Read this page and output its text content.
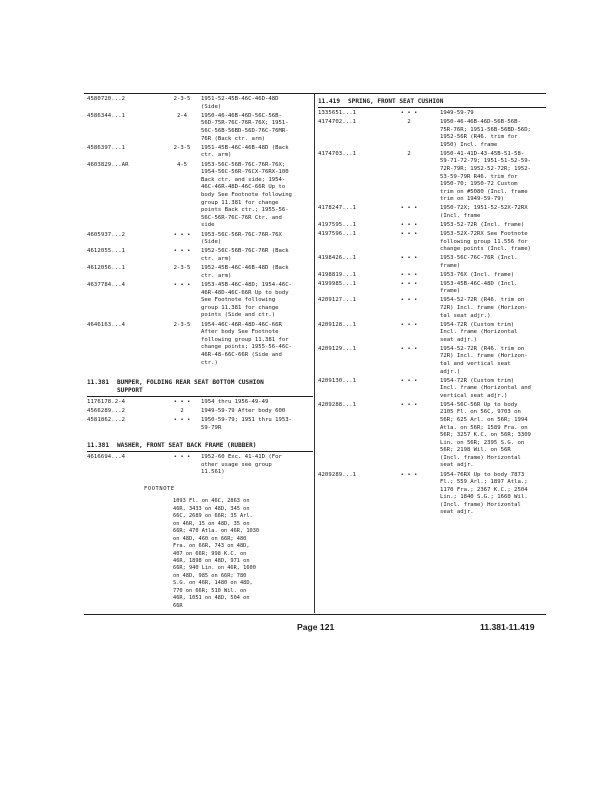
4580720...2	2-3-5 1951-52-45B-46C-46D-48D
(Side)
4586344...1	2-4	1950-46-46B-46D-56C-56B-
56D-75R-76C-76R-76X; 1951-
56C-56B-56BD-56D-76C-76MR-
76R (Back ctr. arm)
4586397...1	2-3-5 1951-45B-46C-46B-48D (Back
ctr. arm)
4603829...AR	4-5	1953-56C-56B-76C-76R-76X;
1954-56C-56R-76CX-76RX-100
Back ctr. and side; 1954-
46C-46R-48D-46C-66R Up to
body See Footnote following
group 11.381 for change
points Back ctr.; 1955-56-
56C-56R-76C-76R Ctr. and
side
4605937...2	• • • 1953-56C-56R-76C-76R-76X
(Side)
4612055...1	• • • 1952-56C-56B-76C-76R (Back
ctr. arm)
4612056...1	2-3-5 1952-45B-46C-46B-48D (Back
ctr. arm)
4637784...4	• • • 1953-45B-46C-48D; 1954-46C-
46R-48D-46C-66R Up to body
See Footnote following
group 11.381 for change
points (Side and ctr.)
4646163...4	2-3-5 1954-46C-46R-48D-46C-66R
After body See Footnote
following group 11.381 for
change points; 1955-56-46C-
46R-48-66C-66R (Side and
ctr.)
11.381 BUMPER, FOLDING REAR SEAT BOTTOM CUSHION
SUPPORT
1176178.2-4	• • • 1954 thru 1956-49-49
4566289...2	2	1949-59-79 After body 600
4581862...2	• • • 1950-59-79; 1951 thru 1953-
59-79R
11.381 WASHER, FRONT SEAT BACK FRAME (RUBBER)
4616694...4	• • • 1952-60 Exc. 41-41D (For
other usage see group
11.561)
FOOTNOTE
1093 Fl. on 46C, 2863 on
46R, 3433 on 48D, 345 on
66C, 2689 on 66R; 35 Arl.
on 46R, 15 on 48D, 35 on
66R; 470 Atla. on 46R, 1030
on 48D, 460 on 66R; 480
Fra. on 66R, 743 on 48D,
407 on 66R; 998 K.C. on
46R, 1898 on 48D, 971 on
66R; 940 Lin. on 46R, 1600
on 48D, 985 on 66R; 780
S.G. on 46R, 1480 on 48D,
770 on 66R; 510 Wil. on
46R, 1051 on 48D, 504 on
66R
11.419 SPRING, FRONT SEAT CUSHION
1335651...1	• • •	1949-59-79
4174702...1	2	1950-46-46B-46D-56B-56B-
75R-76R; 1951-56B-56BD-56D;
1952-56R (R46. trim for
1950) Incl. frame
4174703...1	2	1950-41-41D-43-45B-51-58-
59-71-72-79; 1951-51-52-59-
72R-79R; 1952-52-72R; 1952-
53-59-79R R46. trim for
1950-70; 1950-72 Custom
trim on #5080 (Incl. frame
trim on 1949-59-79)
4178247...1	• • •	1950-72X; 1951-52-52X-72RX
(Incl. frame
4197595...1	• • •	1953-52-72R (Incl. frame)
4197596...1	• • •	1953-52X-72RX See Footnote
following group 11.556 for
change points (Incl. frame)
4198426...1	• • •	1953-56C-76C-76R (Incl.
frame)
4198819...1	• • •	1953-76X (Incl. frame)
4199985...1	• • •	1953-45B-46C-48D (Incl.
frame)
4209127...1	• • •	1954-52-72R (R46. trim on
72R) Incl. frame (Horizon-
tal seat adjr.)
4209128...1	• • •	1954-72R (Custom trim)
Incl. frame (Horizontal
seat adjr.)
4209129...1	• • •	1954-52-72R (R46. trim on
72R) Incl. frame (Horizon-
tal and vertical seat
adjr.)
4209130...1	• • •	1954-72R (Custom trim)
Incl. frame (Horizontal and
vertical seat adjr.)
4209288...1	• • •	1954-56C-56R Up to body
2105 Fl. on 56C, 9703 on
56R; 625 Arl. on 56R; 1994
Atla. on 56R; 1589 Fra. on
56R; 3257 K.C. on 56R; 3309
Lin. on 56R; 2395 S.G. on
56R; 2198 Wil. on 56R
(Incl. frame) Horizontal
seat adjr.
4209289...1	• • •	1954-76RX Up to body 7873
Fl.; 559 Arl.; 1897 Atla.;
1170 Fra.; 2367 K.C.; 2504
Lin.; 1840 S.G.; 1660 Wil.
(Incl. frame) Horizontal
seat adjr.
Page 121	11.381-11.419
